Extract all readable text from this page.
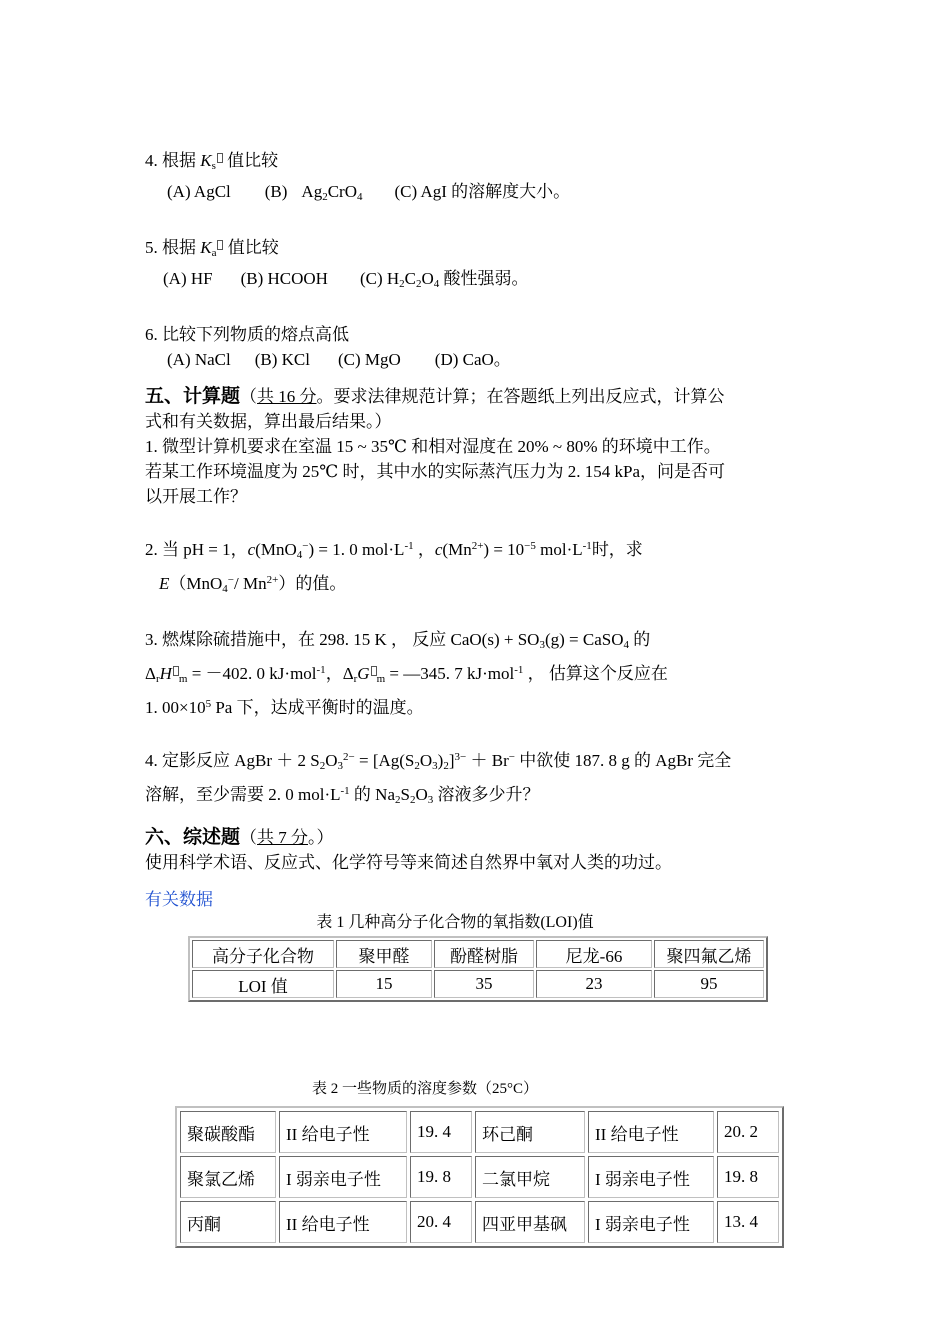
4. 根据 $K_s$ 值比较
(A) AgCl (B) $Ag_2CrO_4$ (C) AgI 的溶解度大小。
5. 根据 $K_a$ 值比较
(A) HF (B) HCOOH (C) $H_2C_2O_4$ 酸性强弱。
6. 比较下列物质的熔点高低
(A) NaCl (B) KCl (C) MgO (D) CaO。
五、计算题（共 16 分。要求法律规范计算；在答题纸上列出反应式，计算公
式和有关数据，算出最后结果。）
1. 微型计算机要求在室温 15 ~ 35℃ 和相对湿度在 20% ~ 80% 的环境中工作。
若某工作环境温度为 25℃ 时，其中水的实际蒸汽压力为 2. 154 kPa，问是否可
以开展工作？
2. 当 pH = 1，c(MnO$_4$−) = 1. 0 $mol\cdot L^{-1}$ ，$c(Mn^{2+}) = 10^{-5}$ $mol\cdot L^{-1}$时，求
E（MnO$_4$−/ $Mn^{2+}$）的值。
3. 燃煤除硫措施中，在 298. 15 K ， 反应 $CaO(s) + SO_3(g)$ = CaSO$_4$ 的
$\Delta_rH$ $_m$ = －402. 0 kJ·mol$^{-1}$，$\Delta_rG$ $_m$ = —345. 7 kJ·mol$^{-1}$ ， 估算这个反应在
1. $00\times 10^5$ Pa 下，达成平衡时的温度。
4. 定影反应 AgBr ＋ 2 $S_2O_3^{2-} = [Ag(S_2O_3)_2]^{3-} + Br^-$ 中欲使 187. 8 g 的 AgBr 完全
溶解，至少需要 2. 0 $mol\cdot L^{-1}$ 的 $Na_2S_2O_3$ 溶液多少升？
六、综述题（共 7 分。）
使用科学术语、反应式、化学符号等来简述自然界中氧对人类的功过。
有关数据
表 1 几种高分子化合物的氧指数(LOI)值
高分子化合物	聚甲醛	酚醛树脂	尼龙-66	聚四氟乙烯
LOI 值	15	35	23	95
表 2 一些物质的溶度参数（25°C）
聚碳酸酯	II 给电子性	19. 4	环己酮	II 给电子性	20. 2
聚氯乙烯	I 弱亲电子性	19. 8	二氯甲烷	I 弱亲电子性	19. 8
丙酮	II 给电子性	20. 4	四亚甲基砜	I 弱亲电子性	13. 4
